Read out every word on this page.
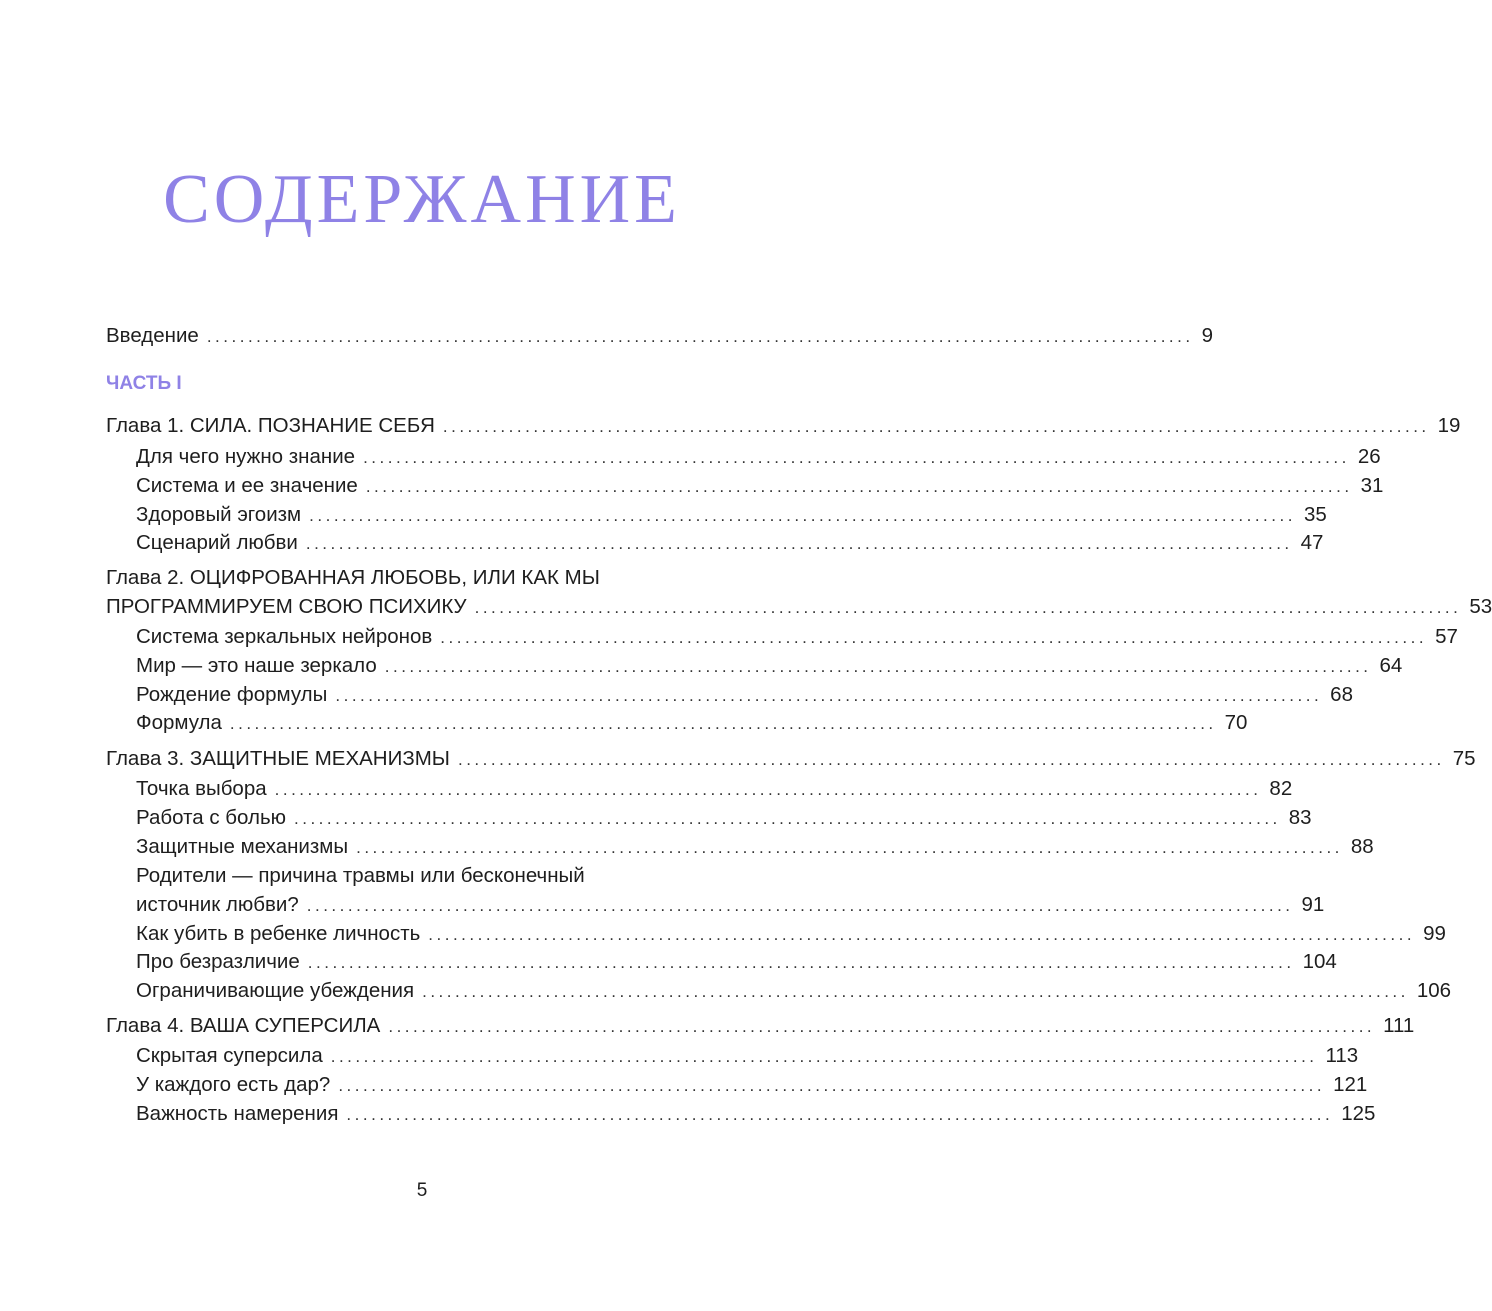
СОДЕРЖАНИЕ
Введение ........................................................................................................................ 9
ЧАСТЬ I
Глава 1. СИЛА. ПОЗНАНИЕ СЕБЯ ........................................................................................................................ 19
Для чего нужно знание ........................................................................................................................ 26
Система и ее значение ........................................................................................................................ 31
Здоровый эгоизм ........................................................................................................................ 35
Сценарий любви ........................................................................................................................ 47
Глава 2. ОЦИФРОВАННАЯ ЛЮБОВЬ, ИЛИ КАК МЫ
ПРОГРАММИРУЕМ СВОЮ ПСИХИКУ ........................................................................................................................ 53
Система зеркальных нейронов ........................................................................................................................ 57
Мир — это наше зеркало ........................................................................................................................ 64
Рождение формулы ........................................................................................................................ 68
Формула ........................................................................................................................ 70
Глава 3. ЗАЩИТНЫЕ МЕХАНИЗМЫ ........................................................................................................................ 75
Точка выбора ........................................................................................................................ 82
Работа с болью ........................................................................................................................ 83
Защитные механизмы ........................................................................................................................ 88
Родители — причина травмы или бесконечный
источник любви? ........................................................................................................................ 91
Как убить в ребенке личность ........................................................................................................................ 99
Про безразличие ........................................................................................................................ 104
Ограничивающие убеждения ........................................................................................................................ 106
Глава 4. ВАША СУПЕРСИЛА ........................................................................................................................ 111
Скрытая суперсила ........................................................................................................................ 113
У каждого есть дар? ........................................................................................................................ 121
Важность намерения ........................................................................................................................ 125
5
